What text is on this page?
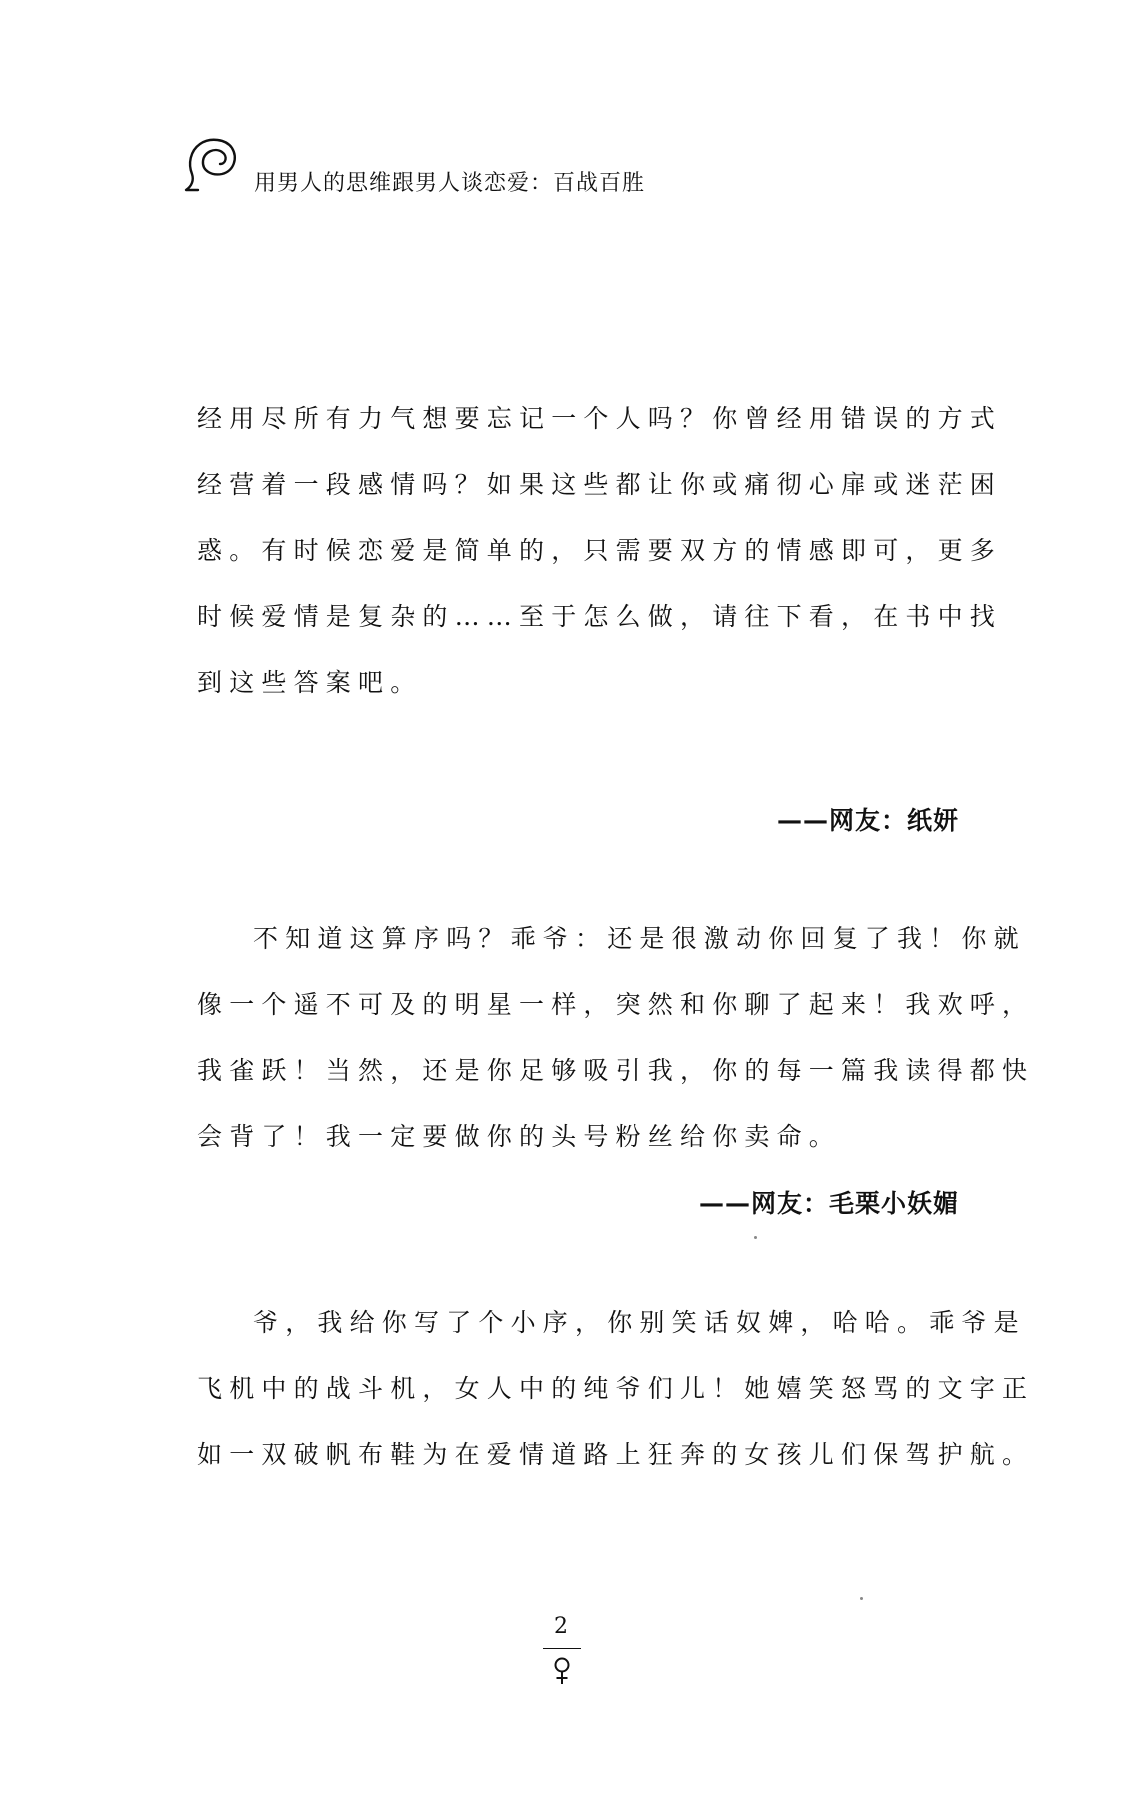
用男人的思维跟男人谈恋爱：百战百胜
经用尽所有力气想要忘记一个人吗？你曾经用错误的方式
经营着一段感情吗？如果这些都让你或痛彻心扉或迷茫困
惑。有时候恋爱是简单的，只需要双方的情感即可，更多
时候爱情是复杂的……至于怎么做，请往下看，在书中找
到这些答案吧。
——网友：纸妍
不知道这算序吗？乖爷：还是很激动你回复了我！你就
像一个遥不可及的明星一样，突然和你聊了起来！我欢呼，
我雀跃！当然，还是你足够吸引我，你的每一篇我读得都快
会背了！我一定要做你的头号粉丝给你卖命。
——网友：毛栗小妖媚
爷，我给你写了个小序，你别笑话奴婢，哈哈。乖爷是
飞机中的战斗机，女人中的纯爷们儿！她嬉笑怒骂的文字正
如一双破帆布鞋为在爱情道路上狂奔的女孩儿们保驾护航。
2
